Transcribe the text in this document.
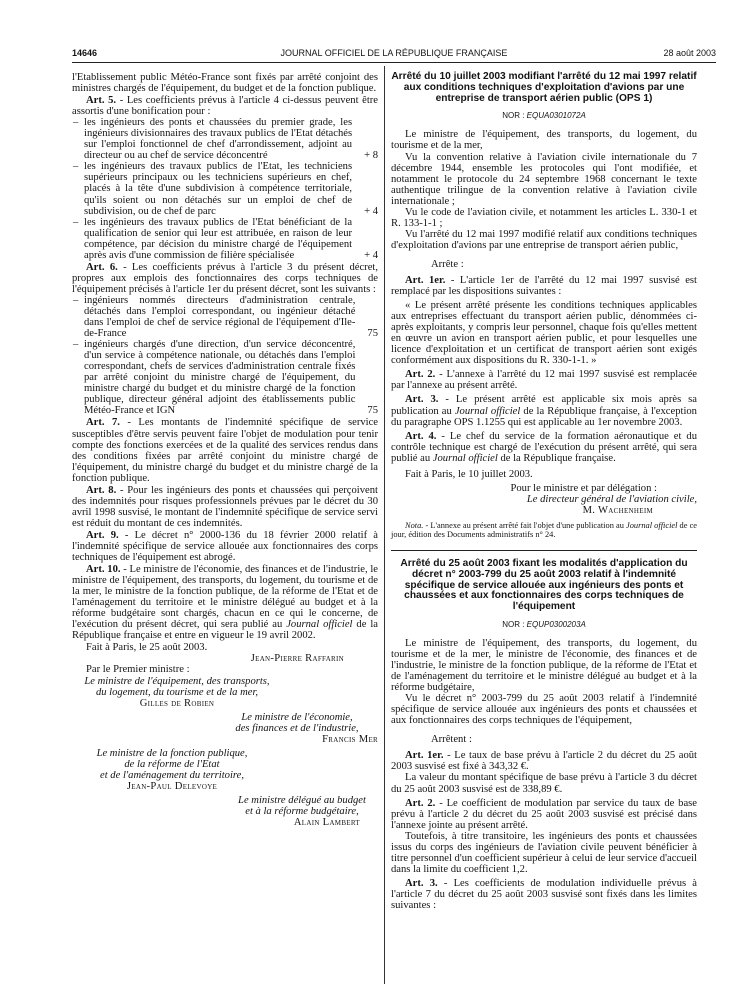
14646	JOURNAL OFFICIEL DE LA RÉPUBLIQUE FRANÇAISE	28 août 2003

l'Etablissement public Météo-France sont fixés par arrêté conjoint des ministres chargés de l'équipement, du budget et de la fonction publique.

Art. 5. - Les coefficients prévus à l'article 4 ci-dessus peuvent être assortis d'une bonification pour :

– les ingénieurs des ponts et chaussées du premier grade, les ingénieurs divisionnaires des travaux publics de l'Etat détachés sur l'emploi fonctionnel de chef d'arrondissement, adjoint au directeur ou au chef de service déconcentré	+ 8
– les ingénieurs des travaux publics de l'Etat, les techniciens supérieurs principaux ou les techniciens supérieurs en chef, placés à la tête d'une subdivision à compétence territoriale, qu'ils soient ou non détachés sur un emploi de chef de subdivision, ou de chef de parc	+ 4
– les ingénieurs des travaux publics de l'Etat bénéficiant de la qualification de senior qui leur est attribuée, en raison de leur compétence, par décision du ministre chargé de l'équipement après avis d'une commission de filière spécialisée	+ 4

Art. 6. - Les coefficients prévus à l'article 3 du présent décret, propres aux emplois des fonctionnaires des corps techniques de l'équipement précisés à l'article 1er du présent décret, sont les suivants :

– ingénieurs nommés directeurs d'administration centrale, détachés dans l'emploi correspondant, ou ingénieur détaché dans l'emploi de chef de service régional de l'équipement d'Ile-de-France	75
– ingénieurs chargés d'une direction, d'un service déconcentré, d'un service à compétence nationale, ou détachés dans l'emploi correspondant, chefs de services d'administration centrale fixés par arrêté conjoint du ministre chargé de l'équipement, du ministre chargé du budget et du ministre chargé de la fonction publique, directeur général adjoint des établissements public Météo-France et IGN	75

Art. 7. - Les montants de l'indemnité spécifique de service susceptibles d'être servis peuvent faire l'objet de modulation pour tenir compte des fonctions exercées et de la qualité des services rendus dans des conditions fixées par arrêté conjoint du ministre chargé de l'équipement, du ministre chargé du budget et du ministre chargé de la fonction publique.

Art. 8. - Pour les ingénieurs des ponts et chaussées qui perçoivent des indemnités pour risques professionnels prévues par le décret du 30 avril 1998 susvisé, le montant de l'indemnité spécifique de service servi est réduit du montant de ces indemnités.

Art. 9. - Le décret n° 2000-136 du 18 février 2000 relatif à l'indemnité spécifique de service allouée aux fonctionnaires des corps techniques de l'équipement est abrogé.

Art. 10. - Le ministre de l'économie, des finances et de l'industrie, le ministre de l'équipement, des transports, du logement, du tourisme et de la mer, le ministre de la fonction publique, de la réforme de l'Etat et de l'aménagement du territoire et le ministre délégué au budget et à la réforme budgétaire sont chargés, chacun en ce qui le concerne, de l'exécution du présent décret, qui sera publié au Journal officiel de la République française et entre en vigueur le 19 avril 2002.

Fait à Paris, le 25 août 2003.

Jean-Pierre Raffarin

Par le Premier ministre :

Le ministre de l'équipement, des transports,
du logement, du tourisme et de la mer,
Gilles de Robien
Le ministre de l'économie,
des finances et de l'industrie,
Francis Mer
Le ministre de la fonction publique,
de la réforme de l'Etat
et de l'aménagement du territoire,
Jean-Paul Delevoye
Le ministre délégué au budget
et à la réforme budgétaire,
Alain Lambert
Arrêté du 10 juillet 2003 modifiant l'arrêté du 12 mai 1997 relatif aux conditions techniques d'exploitation d'avions par une entreprise de transport aérien public (OPS 1)
NOR : EQUA0301072A

Le ministre de l'équipement, des transports, du logement, du tourisme et de la mer,

Vu la convention relative à l'aviation civile internationale du 7 décembre 1944, ensemble les protocoles qui l'ont modifiée, et notamment le protocole du 24 septembre 1968 concernant le texte authentique trilingue de la convention relative à l'aviation civile internationale ;

Vu le code de l'aviation civile, et notamment les articles L. 330-1 et R. 133-1-1 ;

Vu l'arrêté du 12 mai 1997 modifié relatif aux conditions techniques d'exploitation d'avions par une entreprise de transport aérien public,

Arrête :

Art. 1er. - L'article 1er de l'arrêté du 12 mai 1997 susvisé est remplacé par les dispositions suivantes :

« Le présent arrêté présente les conditions techniques applicables aux entreprises effectuant du transport aérien public, dénommées ci-après exploitants, y compris leur personnel, chaque fois qu'elles mettent en œuvre un avion en transport aérien public, et pour lesquelles une licence d'exploitation et un certificat de transport aérien sont exigés conformément aux dispositions du R. 330-1-1. »

Art. 2. - L'annexe à l'arrêté du 12 mai 1997 susvisé est remplacée par l'annexe au présent arrêté.

Art. 3. - Le présent arrêté est applicable six mois après sa publication au Journal officiel de la République française, à l'exception du paragraphe OPS 1.1255 qui est applicable au 1er novembre 2003.

Art. 4. - Le chef du service de la formation aéronautique et du contrôle technique est chargé de l'exécution du présent arrêté, qui sera publié au Journal officiel de la République française.

Fait à Paris, le 10 juillet 2003.

Pour le ministre et par délégation :
Le directeur général de l'aviation civile,
M. Wachenheim

Nota. - L'annexe au présent arrêté fait l'objet d'une publication au Journal officiel de ce jour, édition des Documents administratifs n° 24.

Arrêté du 25 août 2003 fixant les modalités d'application du décret n° 2003-799 du 25 août 2003 relatif à l'indemnité spécifique de service allouée aux ingénieurs des ponts et chaussées et aux fonctionnaires des corps techniques de l'équipement
NOR : EQUP0300203A

Le ministre de l'équipement, des transports, du logement, du tourisme et de la mer, le ministre de l'économie, des finances et de l'industrie, le ministre de la fonction publique, de la réforme de l'Etat et de l'aménagement du territoire et le ministre délégué au budget et à la réforme budgétaire,

Vu le décret n° 2003-799 du 25 août 2003 relatif à l'indemnité spécifique de service allouée aux ingénieurs des ponts et chaussées et aux fonctionnaires des corps techniques de l'équipement,

Arrêtent :

Art. 1er. - Le taux de base prévu à l'article 2 du décret du 25 août 2003 susvisé est fixé à 343,32 €.

La valeur du montant spécifique de base prévu à l'article 3 du décret du 25 août 2003 susvisé est de 338,89 €.

Art. 2. - Le coefficient de modulation par service du taux de base prévu à l'article 2 du décret du 25 août 2003 susvisé est précisé dans l'annexe jointe au présent arrêté.

Toutefois, à titre transitoire, les ingénieurs des ponts et chaussées issus du corps des ingénieurs de l'aviation civile peuvent bénéficier à titre personnel d'un coefficient supérieur à celui de leur service d'accueil dans la limite du coefficient 1,2.

Art. 3. - Les coefficients de modulation individuelle prévus à l'article 7 du décret du 25 août 2003 susvisé sont fixés dans les limites suivantes :
